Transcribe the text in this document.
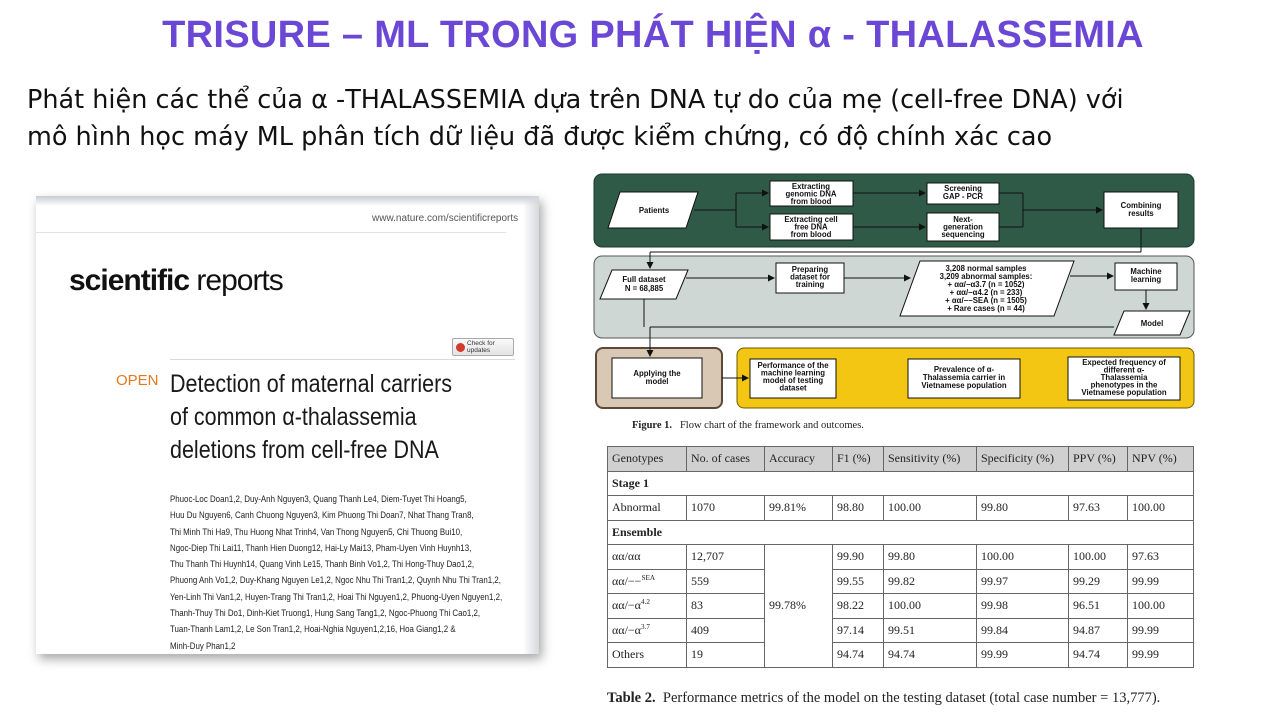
TRISURE – ML TRONG PHÁT HIỆN α - THALASSEMIA
Phát hiện các thể của α -THALASSEMIA dựa trên DNA tự do của mẹ (cell-free DNA) với
mô hình học máy ML phân tích dữ liệu đã được kiểm chứng, có độ chính xác cao
www.nature.com/scientificreports
scientific reports
Check for updates
OPEN Detection of maternal carriers
of common α-thalassemia
deletions from cell-free DNA
Phuoc-Loc Doan1,2, Duy-Anh Nguyen3, Quang Thanh Le4, Diem-Tuyet Thi Hoang5,
Huu Du Nguyen6, Canh Chuong Nguyen3, Kim Phuong Thi Doan7, Nhat Thang Tran8,
Thi Minh Thi Ha9, Thu Huong Nhat Trinh4, Van Thong Nguyen5, Chi Thuong Bui10,
Ngoc-Diep Thi Lai11, Thanh Hien Duong12, Hai-Ly Mai13, Pham-Uyen Vinh Huynh13,
Thu Thanh Thi Huynh14, Quang Vinh Le15, Thanh Binh Vo1,2, Thi Hong-Thuy Dao1,2,
Phuong Anh Vo1,2, Duy-Khang Nguyen Le1,2, Ngoc Nhu Thi Tran1,2, Quynh Nhu Thi Tran1,2,
Yen-Linh Thi Van1,2, Huyen-Trang Thi Tran1,2, Hoai Thi Nguyen1,2, Phuong-Uyen Nguyen1,2,
Thanh-Thuy Thi Do1, Dinh-Kiet Truong1, Hung Sang Tang1,2, Ngoc-Phuong Thi Cao1,2,
Tuan-Thanh Lam1,2, Le Son Tran1,2, Hoai-Nghia Nguyen1,2,16, Hoa Giang1,2 &
Minh-Duy Phan1,2
Patients
Extracting
genomic DNA
from blood
Extracting cell
free DNA
from blood
Screening
GAP - PCR
Next-
generation
sequencing
Combining
results
Full dataset
N = 68,885
Preparing
dataset for
training
3,208 normal samples
3,209 abnormal samples:
+ αα/−α3.7 (n = 1052)
+ αα/−α4.2 (n = 233)
+ αα/−−SEA (n = 1505)
+ Rare cases (n = 44)
Machine
learning
Model
Applying the
model
Performance of the
machine learning
model of testing
dataset
Prevalence of α-
Thalassemia carrier in
Vietnamese population
Expected frequency of
different α-
Thalassemia
phenotypes in the
Vietnamese population
Figure 1. Flow chart of the framework and outcomes.
Genotypes	No. of cases	Accuracy	F1 (%)	Sensitivity (%)	Specificity (%)	PPV (%)	NPV (%)
Stage 1							
Abnormal	1070	99.81%	98.80	100.00	99.80	97.63	100.00
Ensemble							
αα/αα	12,707	99.78%	99.90	99.80	100.00	100.00	97.63
αα/−−$^{SEA}$	559		99.55	99.82	99.97	99.29	99.99
$\alpha\alpha/-\alpha^{4.2}$	83		98.22	100.00	99.98	96.51	100.00
$\alpha\alpha/-\alpha^{3.7}$	409		97.14	99.51	99.84	94.87	99.99
Others	19		94.74	94.74	99.99	94.74	99.99
Table 2. Performance metrics of the model on the testing dataset (total case number = 13,777).
